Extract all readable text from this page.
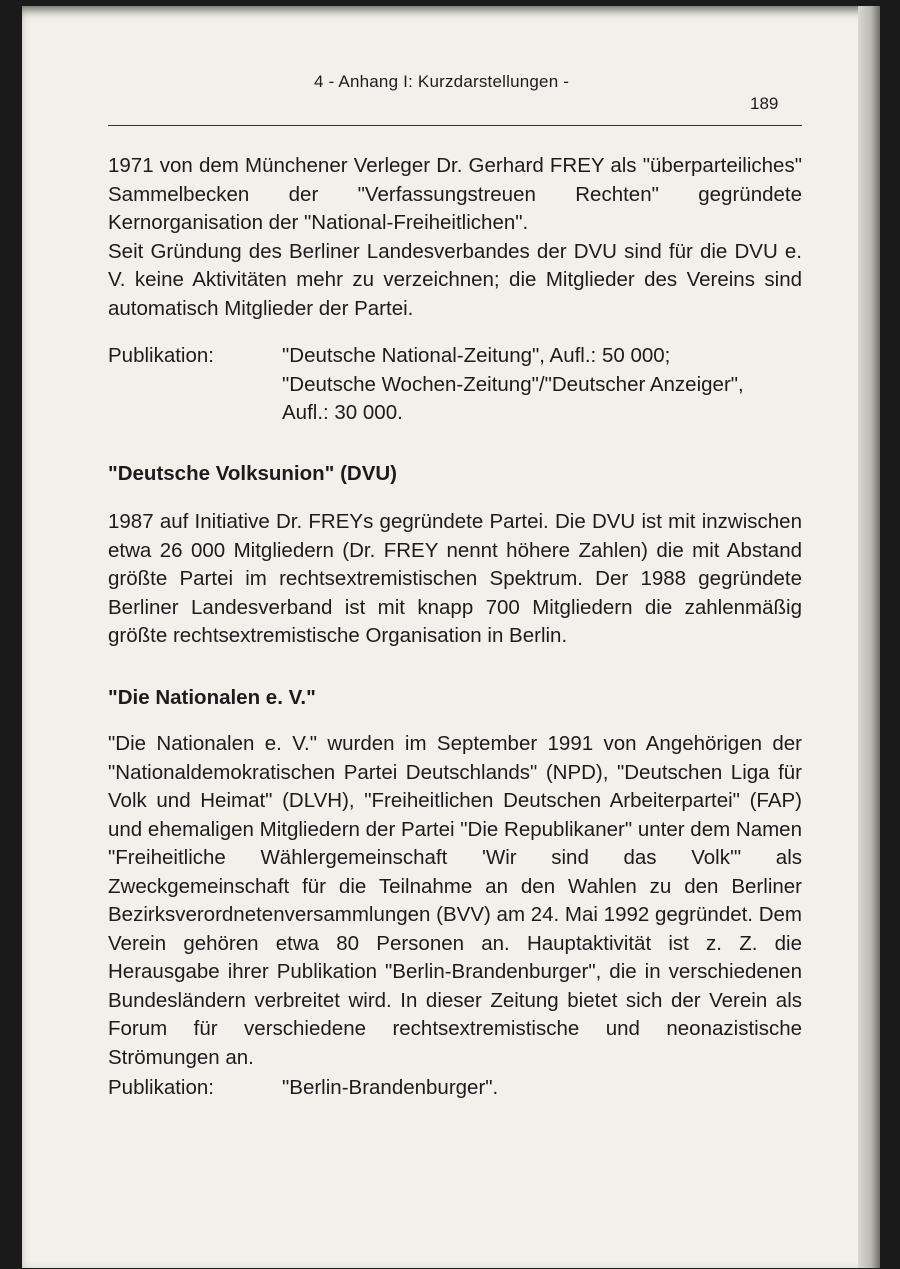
4 - Anhang I: Kurzdarstellungen -
189

1971 von dem Münchener Verleger Dr. Gerhard FREY als "überparteiliches" Sammelbecken der "Verfassungstreuen Rechten" gegründete Kernorganisation der "National-Freiheitlichen".

Seit Gründung des Berliner Landesverbandes der DVU sind für die DVU e. V. keine Aktivitäten mehr zu verzeichnen; die Mitglieder des Vereins sind automatisch Mitglieder der Partei.

Publikation:	"Deutsche National-Zeitung", Aufl.: 50 000;
"Deutsche Wochen-Zeitung"/"Deutscher Anzeiger",
Aufl.: 30 000.
"Deutsche Volksunion" (DVU)

1987 auf Initiative Dr. FREYs gegründete Partei. Die DVU ist mit inzwischen etwa 26 000 Mitgliedern (Dr. FREY nennt höhere Zahlen) die mit Abstand größte Partei im rechtsextremistischen Spektrum. Der 1988 gegründete Berliner Landesverband ist mit knapp 700 Mitgliedern die zahlenmäßig größte rechtsextremistische Organisation in Berlin.

"Die Nationalen e. V."

"Die Nationalen e. V." wurden im September 1991 von Angehörigen der "Nationaldemokratischen Partei Deutschlands" (NPD), "Deutschen Liga für Volk und Heimat" (DLVH), "Freiheitlichen Deutschen Arbeiterpartei" (FAP) und ehemaligen Mitgliedern der Partei "Die Republikaner" unter dem Namen "Freiheitliche Wählergemeinschaft 'Wir sind das Volk'" als Zweckgemeinschaft für die Teilnahme an den Wahlen zu den Berliner Bezirksverordnetenversammlungen (BVV) am 24. Mai 1992 gegründet. Dem Verein gehören etwa 80 Personen an. Hauptaktivität ist z. Z. die Herausgabe ihrer Publikation "Berlin-Brandenburger", die in verschiedenen Bundesländern verbreitet wird. In dieser Zeitung bietet sich der Verein als Forum für verschiedene rechtsextremistische und neonazistische Strömungen an.

Publikation:	"Berlin-Brandenburger".
